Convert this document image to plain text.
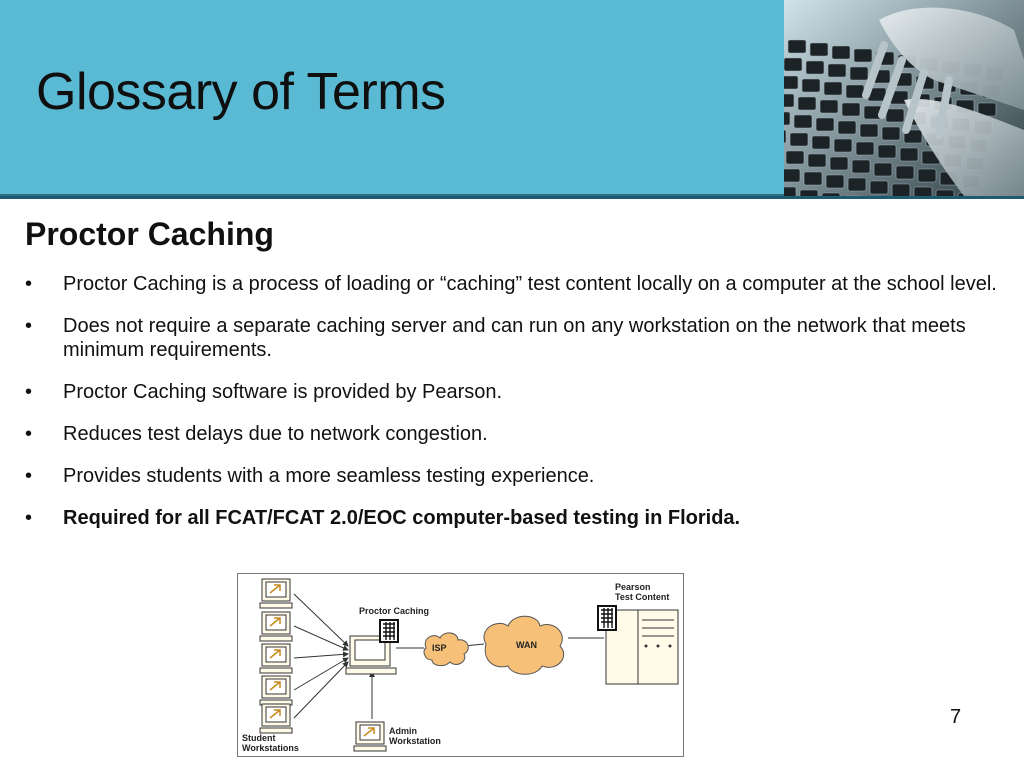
Glossary of Terms
Proctor Caching
•	Proctor Caching is a process of loading or “caching” test content locally on a computer at the school level.
•	Does not require a separate caching server and can run on any workstation on the network that meets minimum requirements.
•	Proctor Caching software is provided by Pearson.
•	Reduces test delays due to network congestion.
•	Provides students with a more seamless testing experience.
•	Required for all FCAT/FCAT 2.0/EOC computer-based testing in Florida.
Proctor Caching
ISP	WAN
Pearson
Test Content
Student
Workstations
Admin
Workstation
7
